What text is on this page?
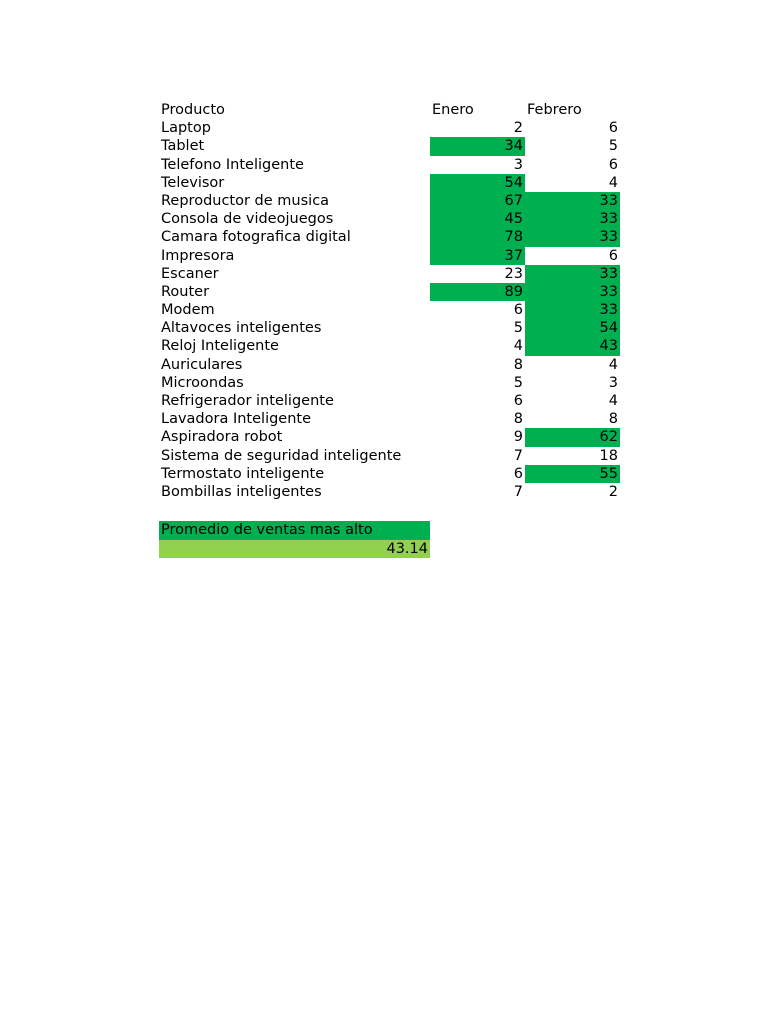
Producto	Enero	Febrero
Laptop	2	6
Tablet	34	5
Telefono Inteligente	3	6
Televisor	54	4
Reproductor de musica	67	33
Consola de videojuegos	45	33
Camara fotografica digital	78	33
Impresora	37	6
Escaner	23	33
Router	89	33
Modem	6	33
Altavoces inteligentes	5	54
Reloj Inteligente	4	43
Auriculares	8	4
Microondas	5	3
Refrigerador inteligente	6	4
Lavadora Inteligente	8	8
Aspiradora robot	9	62
Sistema de seguridad inteligente	7	18
Termostato inteligente	6	55
Bombillas inteligentes	7	2
Promedio de ventas mas alto
43.14
